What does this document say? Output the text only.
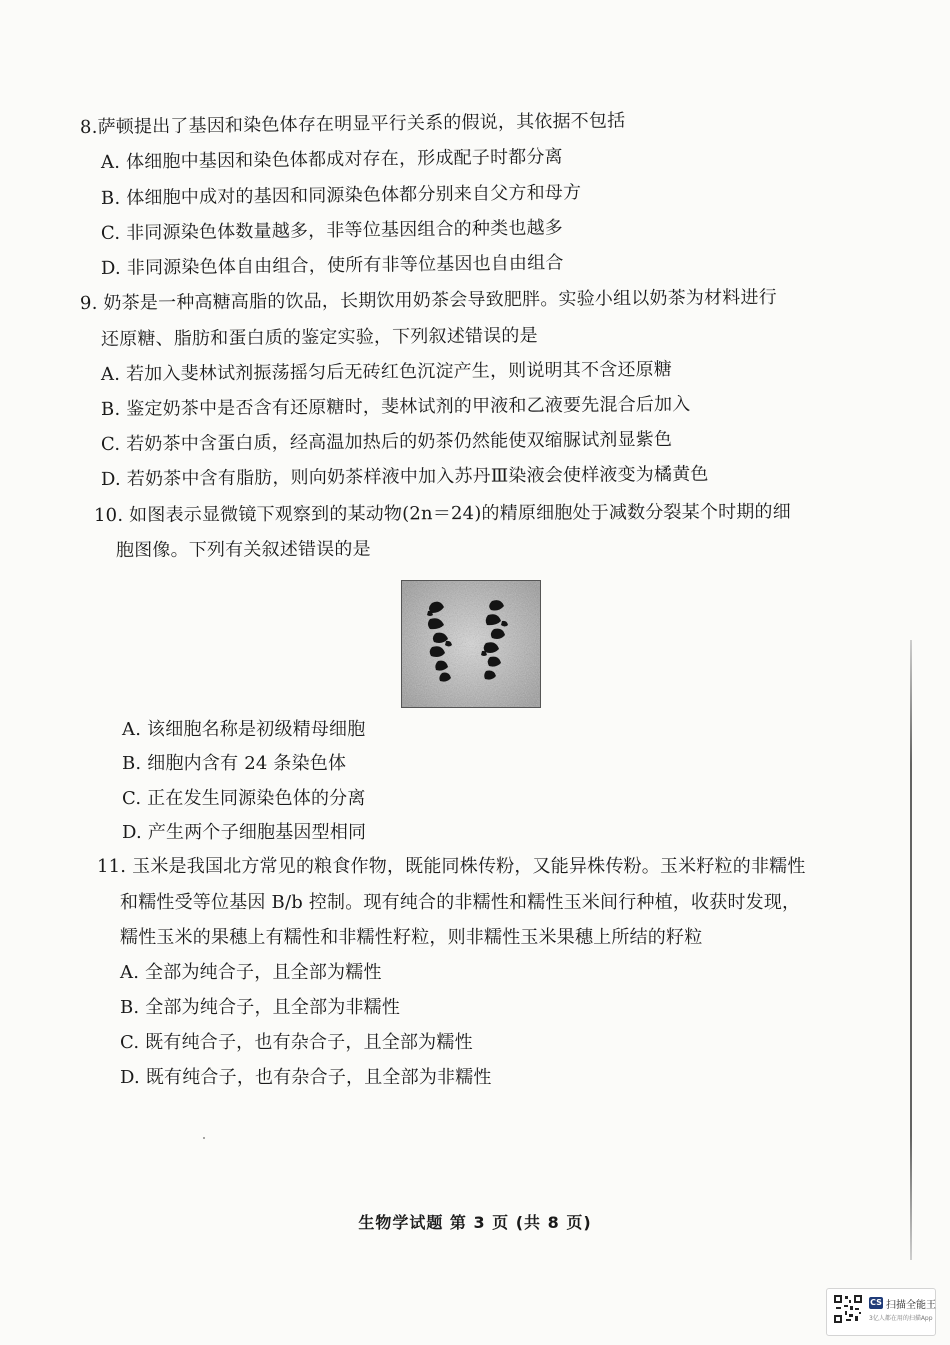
8.萨顿提出了基因和染色体存在明显平行关系的假说，其依据不包括
A. 体细胞中基因和染色体都成对存在，形成配子时都分离
B. 体细胞中成对的基因和同源染色体都分别来自父方和母方
C. 非同源染色体数量越多，非等位基因组合的种类也越多
D. 非同源染色体自由组合，使所有非等位基因也自由组合
9. 奶茶是一种高糖高脂的饮品，长期饮用奶茶会导致肥胖。实验小组以奶茶为材料进行
还原糖、脂肪和蛋白质的鉴定实验，下列叙述错误的是
A. 若加入斐林试剂振荡摇匀后无砖红色沉淀产生，则说明其不含还原糖
B. 鉴定奶茶中是否含有还原糖时，斐林试剂的甲液和乙液要先混合后加入
C. 若奶茶中含蛋白质，经高温加热后的奶茶仍然能使双缩脲试剂显紫色
D. 若奶茶中含有脂肪，则向奶茶样液中加入苏丹Ⅲ染液会使样液变为橘黄色
10. 如图表示显微镜下观察到的某动物(2n＝24)的精原细胞处于减数分裂某个时期的细
胞图像。下列有关叙述错误的是
A. 该细胞名称是初级精母细胞
B. 细胞内含有 24 条染色体
C. 正在发生同源染色体的分离
D. 产生两个子细胞基因型相同
11. 玉米是我国北方常见的粮食作物，既能同株传粉，又能异株传粉。玉米籽粒的非糯性
和糯性受等位基因 B/b 控制。现有纯合的非糯性和糯性玉米间行种植，收获时发现，
糯性玉米的果穗上有糯性和非糯性籽粒，则非糯性玉米果穗上所结的籽粒
A. 全部为纯合子，且全部为糯性
B. 全部为纯合子，且全部为非糯性
C. 既有纯合子，也有杂合子，且全部为糯性
D. 既有纯合子，也有杂合子，且全部为非糯性
生物学试题 第 3 页 (共 8 页)
CS 扫描全能王
3亿人都在用的扫描App
